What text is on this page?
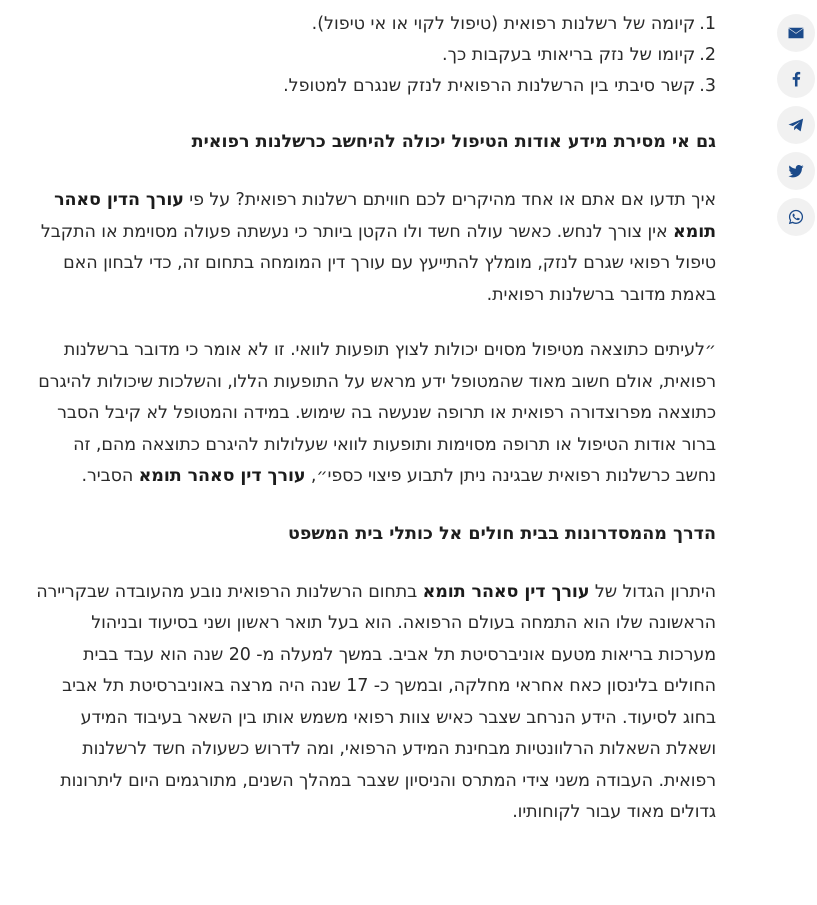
1.קיומה של רשלנות רפואית (טיפול לקוי או אי טיפול).
2.קיומו של נזק בריאותי בעקבות כך.
3.קשר סיבתי בין הרשלנות הרפואית לנזק שנגרם למטופל.
גם אי מסירת מידע אודות הטיפול יכולה להיחשב כרשלנות רפואית

איך תדעו אם אתם או אחד מהיקרים לכם חוויתם רשלנות רפואית? על פי עורך הדין סאהר תומא אין צורך לנחש. כאשר עולה חשד ולו הקטן ביותר כי נעשתה פעולה מסוימת או התקבל טיפול רפואי שגרם לנזק, מומלץ להתייעץ עם עורך דין המומחה בתחום זה, כדי לבחון האם באמת מדובר ברשלנות רפואית.

״לעיתים כתוצאה מטיפול מסוים יכולות לצוץ תופעות לוואי. זו לא אומר כי מדובר ברשלנות רפואית, אולם חשוב מאוד שהמטופל ידע מראש על התופעות הללו, והשלכות שיכולות להיגרם כתוצאה מפרוצדורה רפואית או תרופה שנעשה בה שימוש. במידה והמטופל לא קיבל הסבר ברור אודות הטיפול או תרופה מסוימות ותופעות לוואי שעלולות להיגרם כתוצאה מהם, זה נחשב כרשלנות רפואית שבגינה ניתן לתבוע פיצוי כספי״, עורך דין סאהר תומא הסביר.

הדרך מהמסדרונות בבית חולים אל כותלי בית המשפט

היתרון הגדול של עורך דין סאהר תומא בתחום הרשלנות הרפואית נובע מהעובדה שבקריירה הראשונה שלו הוא התמחה בעולם הרפואה. הוא בעל תואר ראשון ושני בסיעוד ובניהול מערכות בריאות מטעם אוניברסיטת תל אביב. במשך למעלה מ- 20 שנה הוא עבד בבית החולים בלינסון כאח אחראי מחלקה, ובמשך כ- 17 שנה היה מרצה באוניברסיטת תל אביב בחוג לסיעוד. הידע הנרחב שצבר כאיש צוות רפואי משמש אותו בין השאר בעיבוד המידע ושאלת השאלות הרלוונטיות מבחינת המידע הרפואי, ומה לדרוש כשעולה חשד לרשלנות רפואית. העבודה משני צידי המתרס והניסיון שצבר במהלך השנים, מתורגמים היום ליתרונות גדולים מאוד עבור לקוחותיו.
